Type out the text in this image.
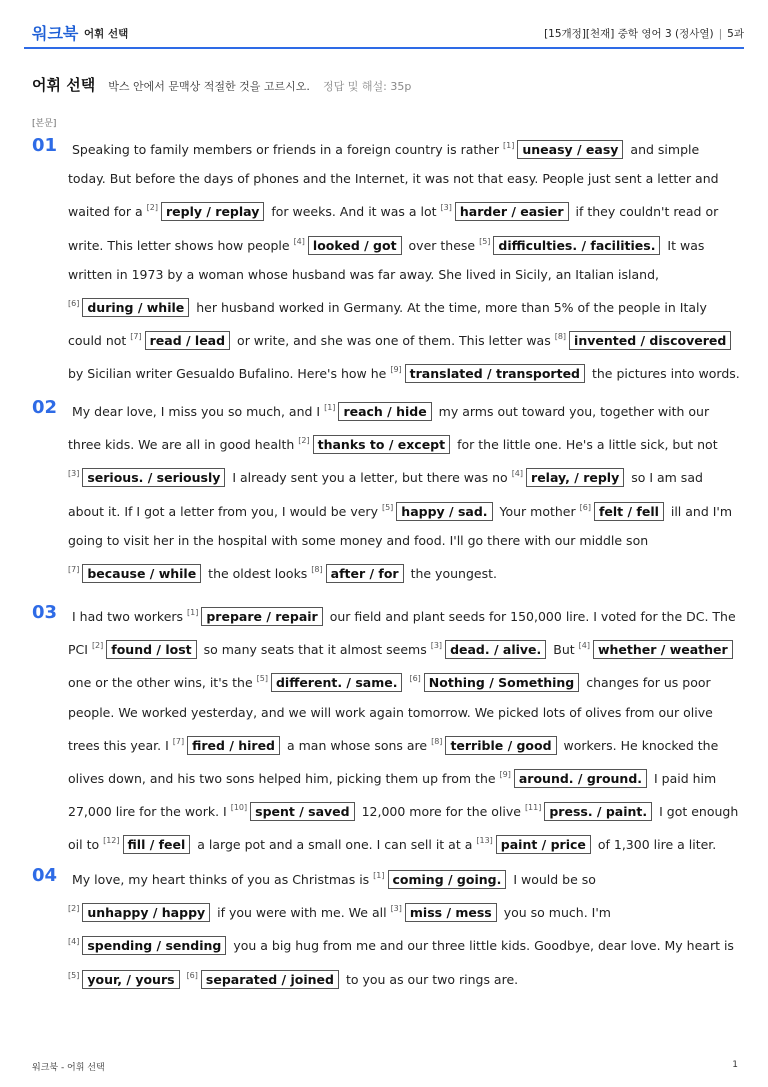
워크북 어휘 선택	[15개정][천재] 중학 영어 3 (정사열) | 5과
어휘 선택 박스 안에서 문맥상 적절한 것을 고르시오. 정답 및 해설: 35p
[본문]
01	Speaking to family members or friends in a foreign country is rather [1] uneasy / easy and simple today. But before the days of phones and the Internet, it was not that easy. People just sent a letter and waited for a [2] reply / replay for weeks. And it was a lot [3] harder / easier if they couldn't read or write. This letter shows how people [4] looked / got over these [5] difficulties. / facilities. It was written in 1973 by a woman whose husband was far away. She lived in Sicily, an Italian island, [6] during / while her husband worked in Germany. At the time, more than 5% of the people in Italy could not [7] read / lead or write, and she was one of them. This letter was [8] invented / discovered by Sicilian writer Gesualdo Bufalino. Here's how he [9] translated / transported the pictures into words.
02	My dear love, I miss you so much, and I [1] reach / hide my arms out toward you, together with our three kids. We are all in good health [2] thanks to / except for the little one. He's a little sick, but not [3] serious. / seriously I already sent you a letter, but there was no [4] relay, / reply so I am sad about it. If I got a letter from you, I would be very [5] happy / sad. Your mother [6] felt / fell ill and I'm going to visit her in the hospital with some money and food. I'll go there with our middle son [7] because / while the oldest looks [8] after / for the youngest.
03	I had two workers [1] prepare / repair our field and plant seeds for 150,000 lire. I voted for the DC. The PCI [2] found / lost so many seats that it almost seems [3] dead. / alive. But [4] whether / weather one or the other wins, it's the [5] different. / same. [6] Nothing / Something changes for us poor people. We worked yesterday, and we will work again tomorrow. We picked lots of olives from our olive trees this year. I [7] fired / hired a man whose sons are [8] terrible / good workers. He knocked the olives down, and his two sons helped him, picking them up from the [9] around. / ground. I paid him 27,000 lire for the work. I [10] spent / saved 12,000 more for the olive [11] press. / paint. I got enough oil to [12] fill / feel a large pot and a small one. I can sell it at a [13] paint / price of 1,300 lire a liter.
04	My love, my heart thinks of you as Christmas is [1] coming / going. I would be so [2] unhappy / happy if you were with me. We all [3] miss / mess you so much. I'm [4] spending / sending you a big hug from me and our three little kids. Goodbye, dear love. My heart is [5] your, / yours [6] separated / joined to you as our two rings are.
워크북 - 어휘 선택	1
